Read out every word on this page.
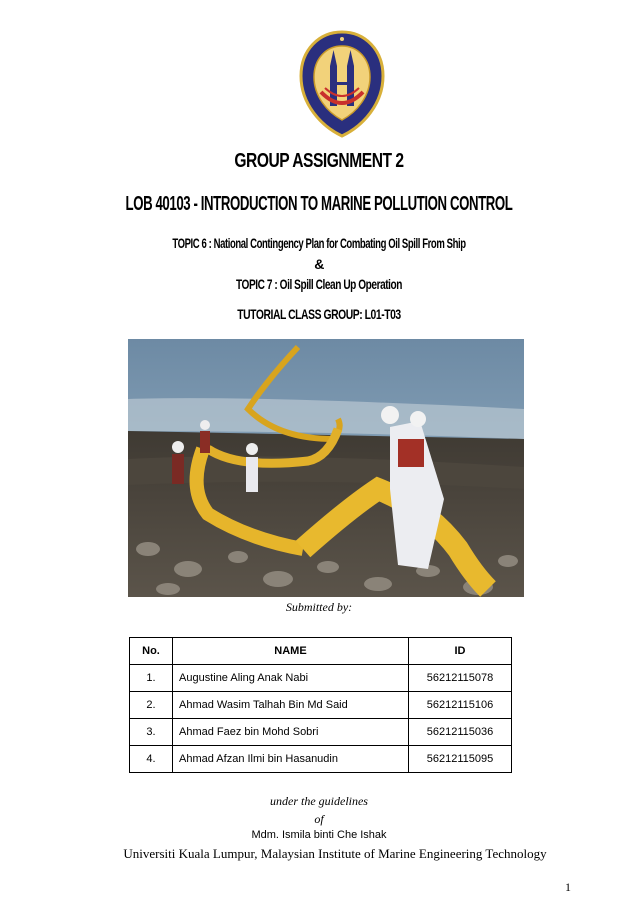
GROUP ASSIGNMENT 2
LOB 40103 - INTRODUCTION TO MARINE POLLUTION CONTROL
TOPIC 6 : National Contingency Plan for Combating Oil Spill From Ship
&
TOPIC 7 : Oil Spill Clean Up Operation
TUTORIAL CLASS GROUP: L01-T03
Submitted by:
No.	NAME	ID
1.	Augustine Aling Anak Nabi	56212115078
2.	Ahmad Wasim Talhah Bin Md Said	56212115106
3.	Ahmad Faez bin Mohd Sobri	56212115036
4.	Ahmad Afzan Ilmi bin Hasanudin	56212115095
under the guidelines
of
Mdm. Ismila binti Che Ishak
Universiti Kuala Lumpur, Malaysian Institute of Marine Engineering Technology
1
